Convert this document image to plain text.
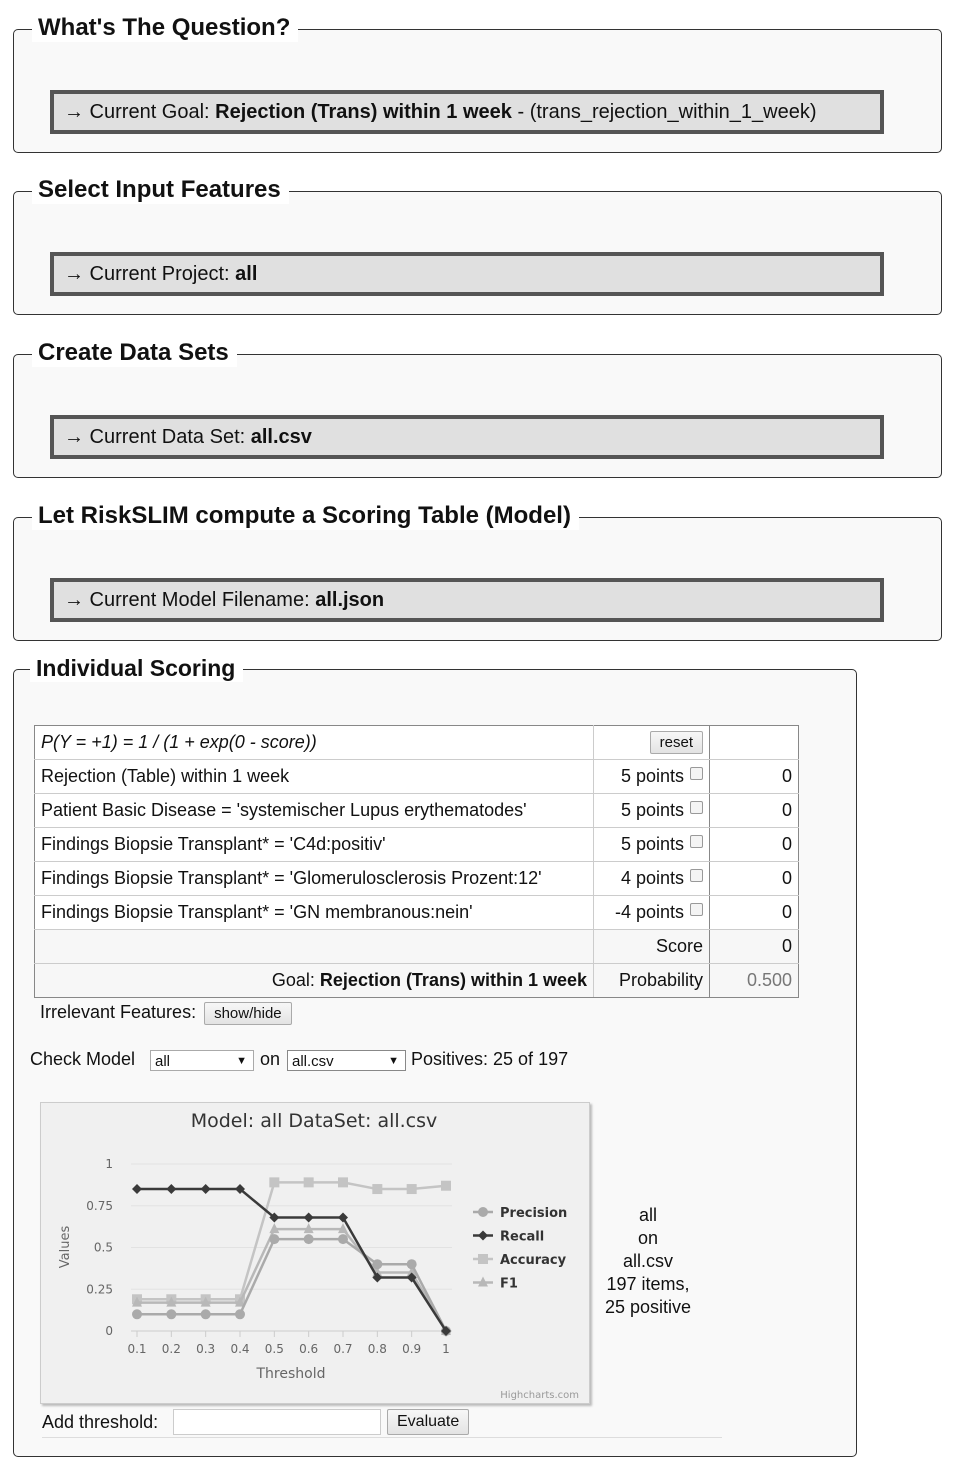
What's The Question?
→ Current Goal: Rejection (Trans) within 1 week - (trans_rejection_within_1_week)
Select Input Features
→ Current Project: all
Create Data Sets
→ Current Data Set: all.csv
Let RiskSLIM compute a Scoring Table (Model)
→ Current Model Filename: all.json
Individual Scoring
P(Y = +1) = 1 / (1 + exp(0 - score))	reset	
Rejection (Table) within 1 week	5 points	0
Patient Basic Disease = 'systemischer Lupus erythematodes'	5 points	0
Findings Biopsie Transplant* = 'C4d:positiv'	5 points	0
Findings Biopsie Transplant* = 'Glomerulosclerosis Prozent:12'	4 points	0
Findings Biopsie Transplant* = 'GN membranous:nein'	-4 points	0
	Score	0
Goal: Rejection (Trans) within 1 week	Probability	0.500
Irrelevant Features: show/hide
Check Model	all	▼ on all.csv	▼ Positives: 25 of 197
Model: all DataSet: all.csv
0
0.25
0.5
0.75
1
0.1 0.2 0.3 0.4 0.5 0.6 0.7 0.8 0.9 1
Values
Threshold
Precision
Recall
Accuracy
F1
Highcharts.com
all
on
all.csv
197 items,
25 positive
Add threshold:	Evaluate
